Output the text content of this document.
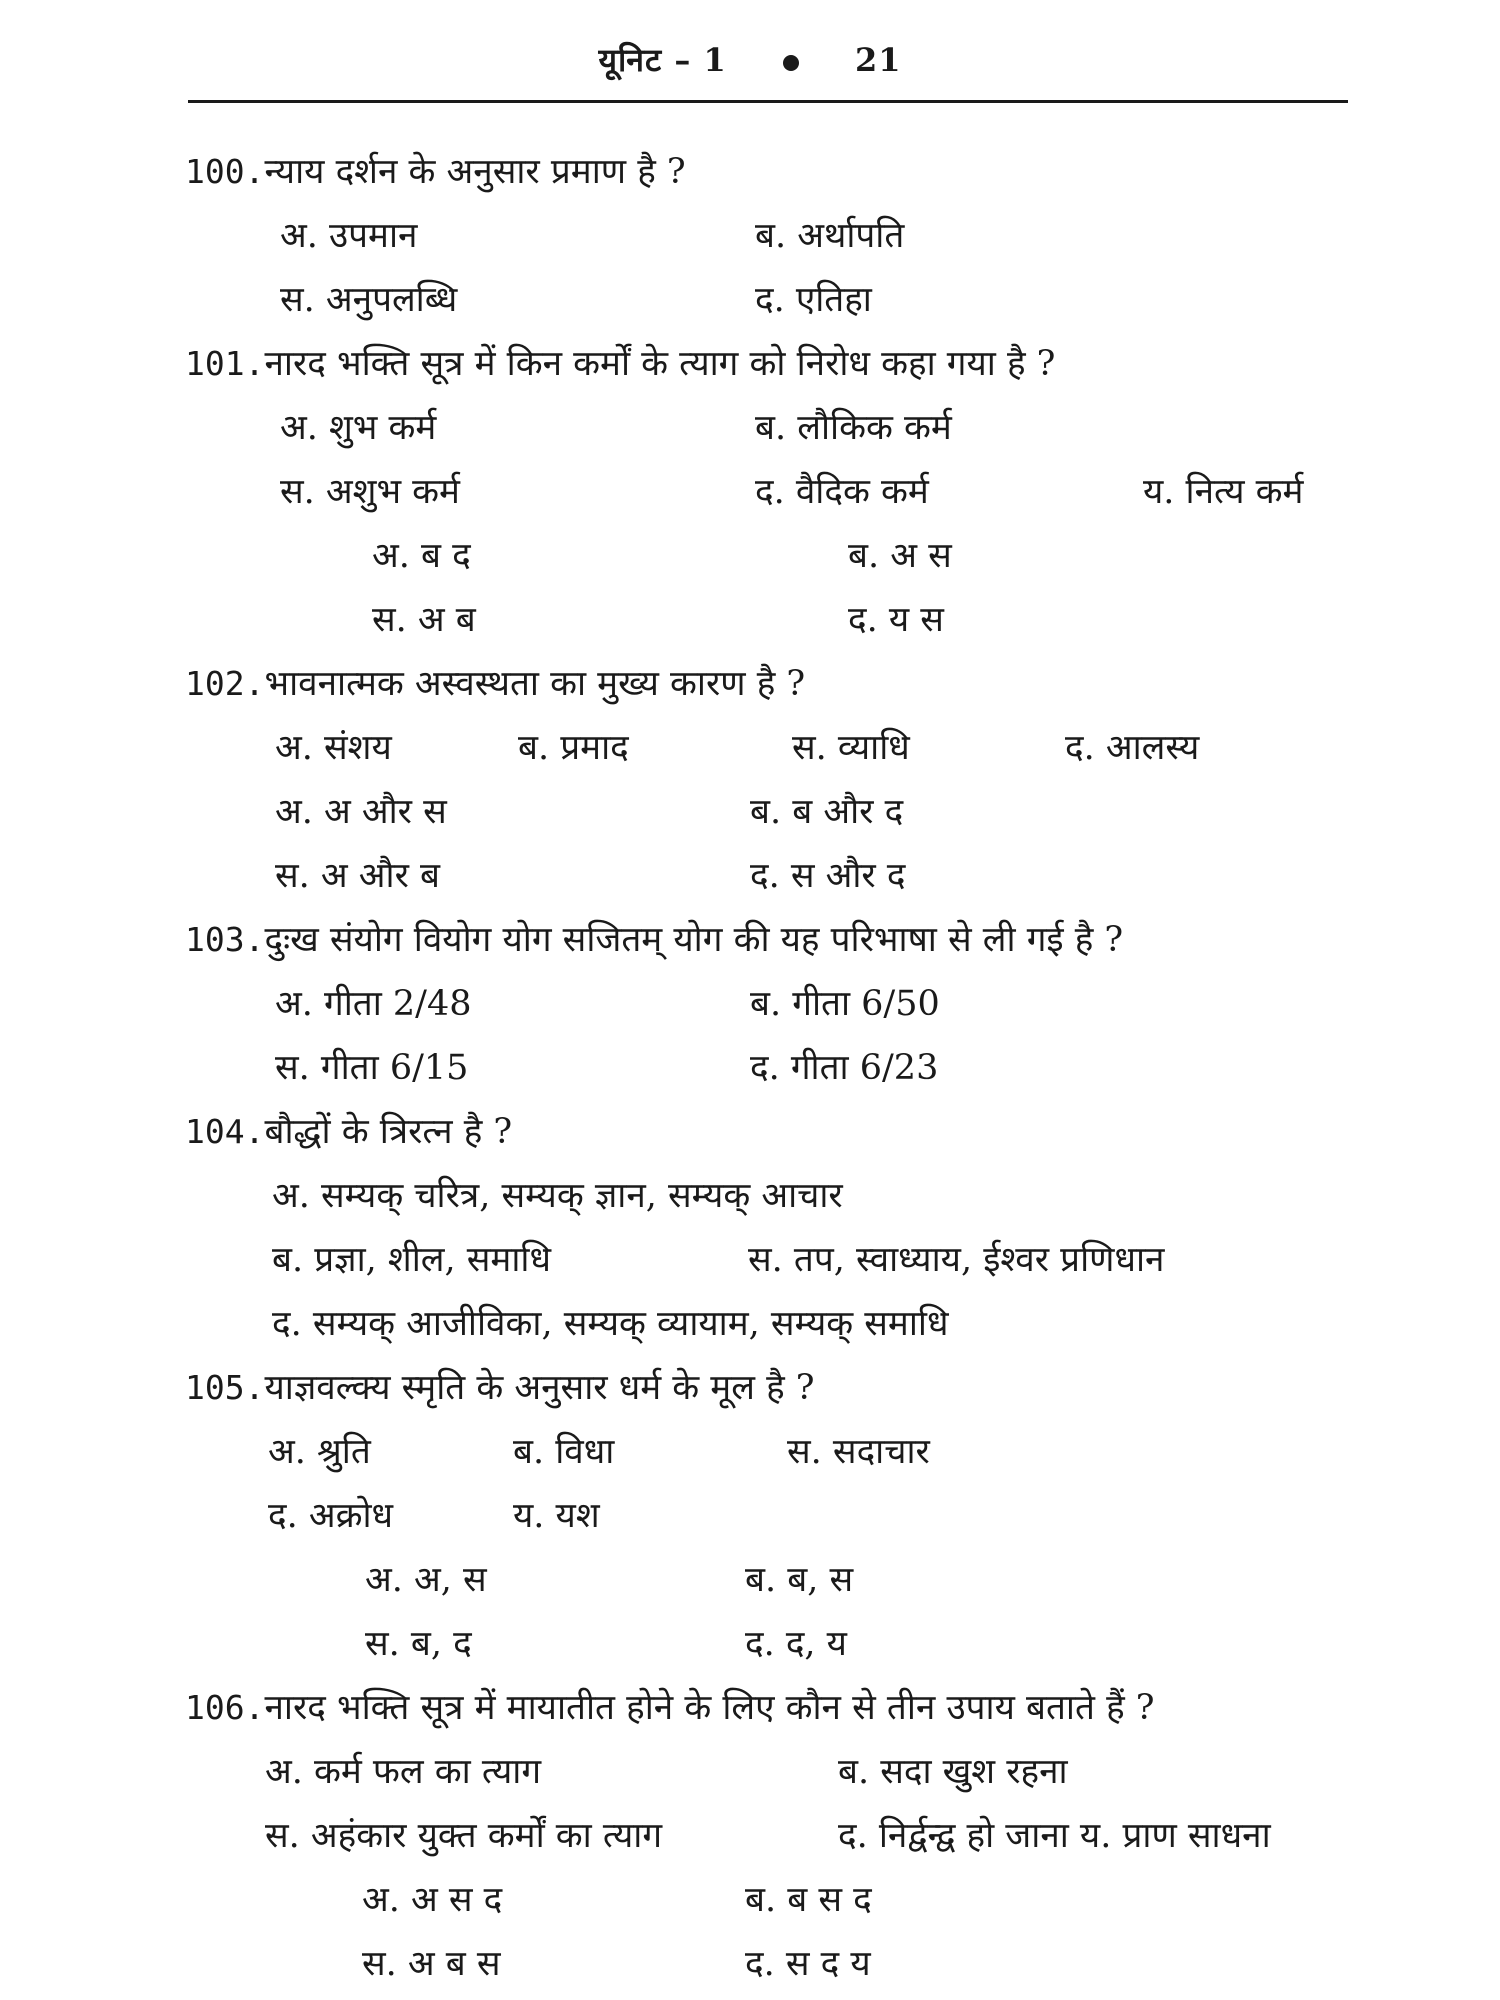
यूनिट – 1	21
100.न्याय दर्शन के अनुसार प्रमाण है ?
अ. उपमान	ब. अर्थापति
स. अनुपलब्धि	द. एतिहा
101.नारद भक्ति सूत्र में किन कर्मों के त्याग को निरोध कहा गया है ?
अ. शुभ कर्म	ब. लौकिक कर्म
स. अशुभ कर्म	द. वैदिक कर्म	य. नित्य कर्म
अ. ब द	ब. अ स
स. अ ब	द. य स
102.भावनात्मक अस्वस्थता का मुख्य कारण है ?
अ. संशय	ब. प्रमाद	स. व्याधि	द. आलस्य
अ. अ और स	ब. ब और द
स. अ और ब	द. स और द
103.दुःख संयोग वियोग योग सजितम् योग की यह परिभाषा से ली गई है ?
अ. गीता 2/48	ब. गीता 6/50
स. गीता 6/15	द. गीता 6/23
104.बौद्धों के त्रिरत्न है ?
अ. सम्यक् चरित्र, सम्यक् ज्ञान, सम्यक् आचार
ब. प्रज्ञा, शील, समाधि	स. तप, स्वाध्याय, ईश्वर प्रणिधान
द. सम्यक् आजीविका, सम्यक् व्यायाम, सम्यक् समाधि
105.याज्ञवल्क्य स्मृति के अनुसार धर्म के मूल है ?
अ. श्रुति	ब. विधा	स. सदाचार
द. अक्रोध	य. यश
अ. अ, स	ब. ब, स
स. ब, द	द. द, य
106.नारद भक्ति सूत्र में मायातीत होने के लिए कौन से तीन उपाय बताते हैं ?
अ. कर्म फल का त्याग	ब. सदा खुश रहना
स. अहंकार युक्त कर्मों का त्याग	द. निर्द्वन्द्व हो जाना य. प्राण साधना
अ. अ स द	ब. ब स द
स. अ ब स	द. स द य
